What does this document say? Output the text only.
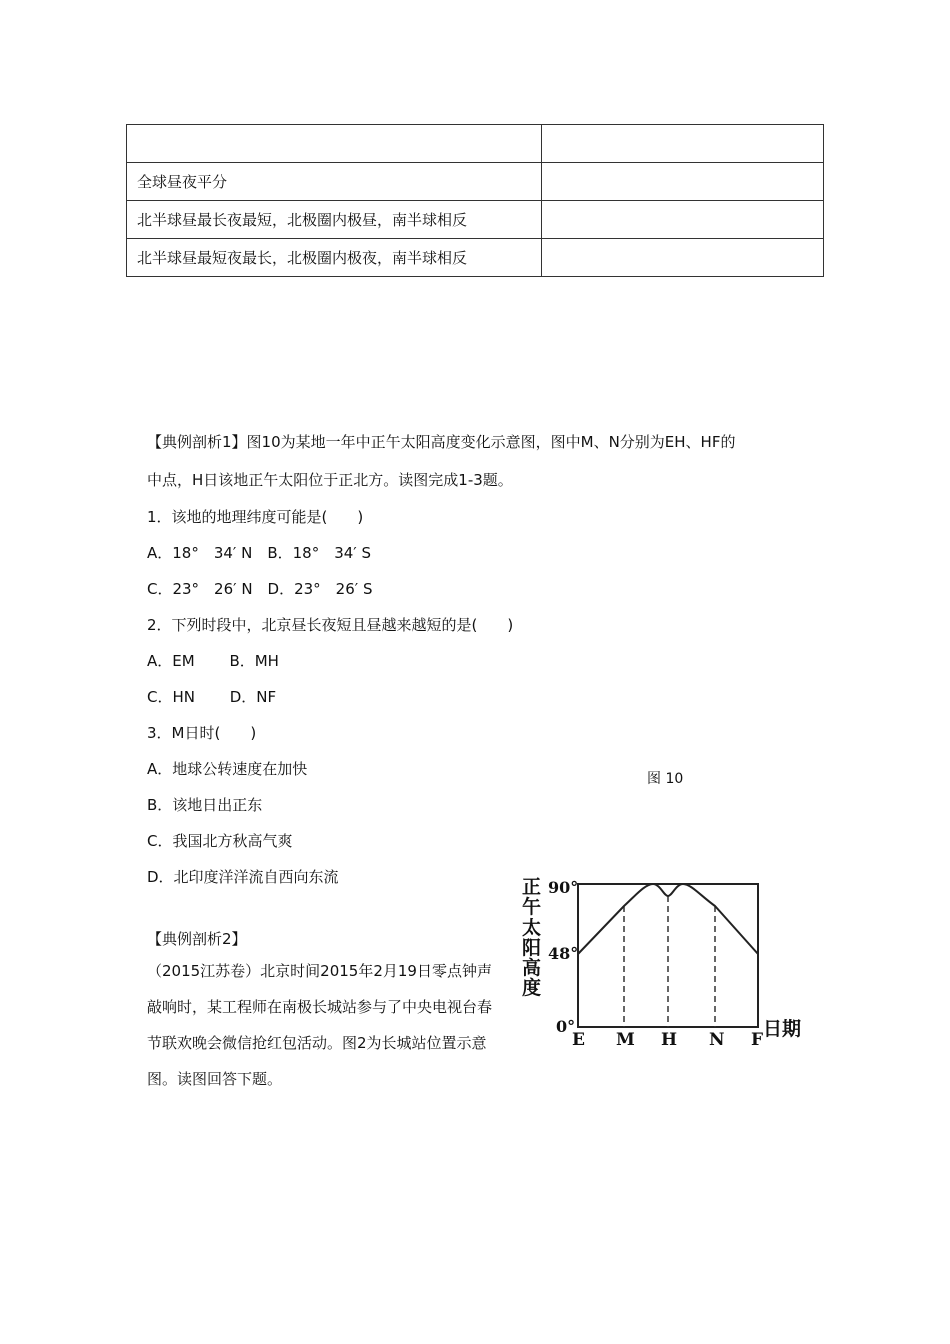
全球昼夜平分	
北半球昼最长夜最短，北极圈内极昼，南半球相反	
北半球昼最短夜最长，北极圈内极夜，南半球相反	
【典例剖析1】图10为某地一年中正午太阳高度变化示意图，图中M、N分别为EH、HF的
中点，H日该地正午太阳位于正北方。读图完成1-3题。
1．该地的地理纬度可能是(　　)
A．18°　34′ N　B．18°　34′ S
C．23°　26′ N　D．23°　26′ S
2．下列时段中，北京昼长夜短且昼越来越短的是(　　)
A．EM　　 B．MH
C．HN　　 D．NF
3．M日时(　　)
A．地球公转速度在加快
B．该地日出正东
C．我国北方秋高气爽
D．北印度洋洋流自西向东流
图 10
【典例剖析2】
（2015江苏卷）北京时间2015年2月19日零点钟声敲响时，某工程师在南极长城站参与了中央电视台春节联欢晚会微信抢红包活动。图2为长城站位置示意图。读图回答下题。
正
午
太
阳
高
度
90°
48°
0°
E M H N F 日期
